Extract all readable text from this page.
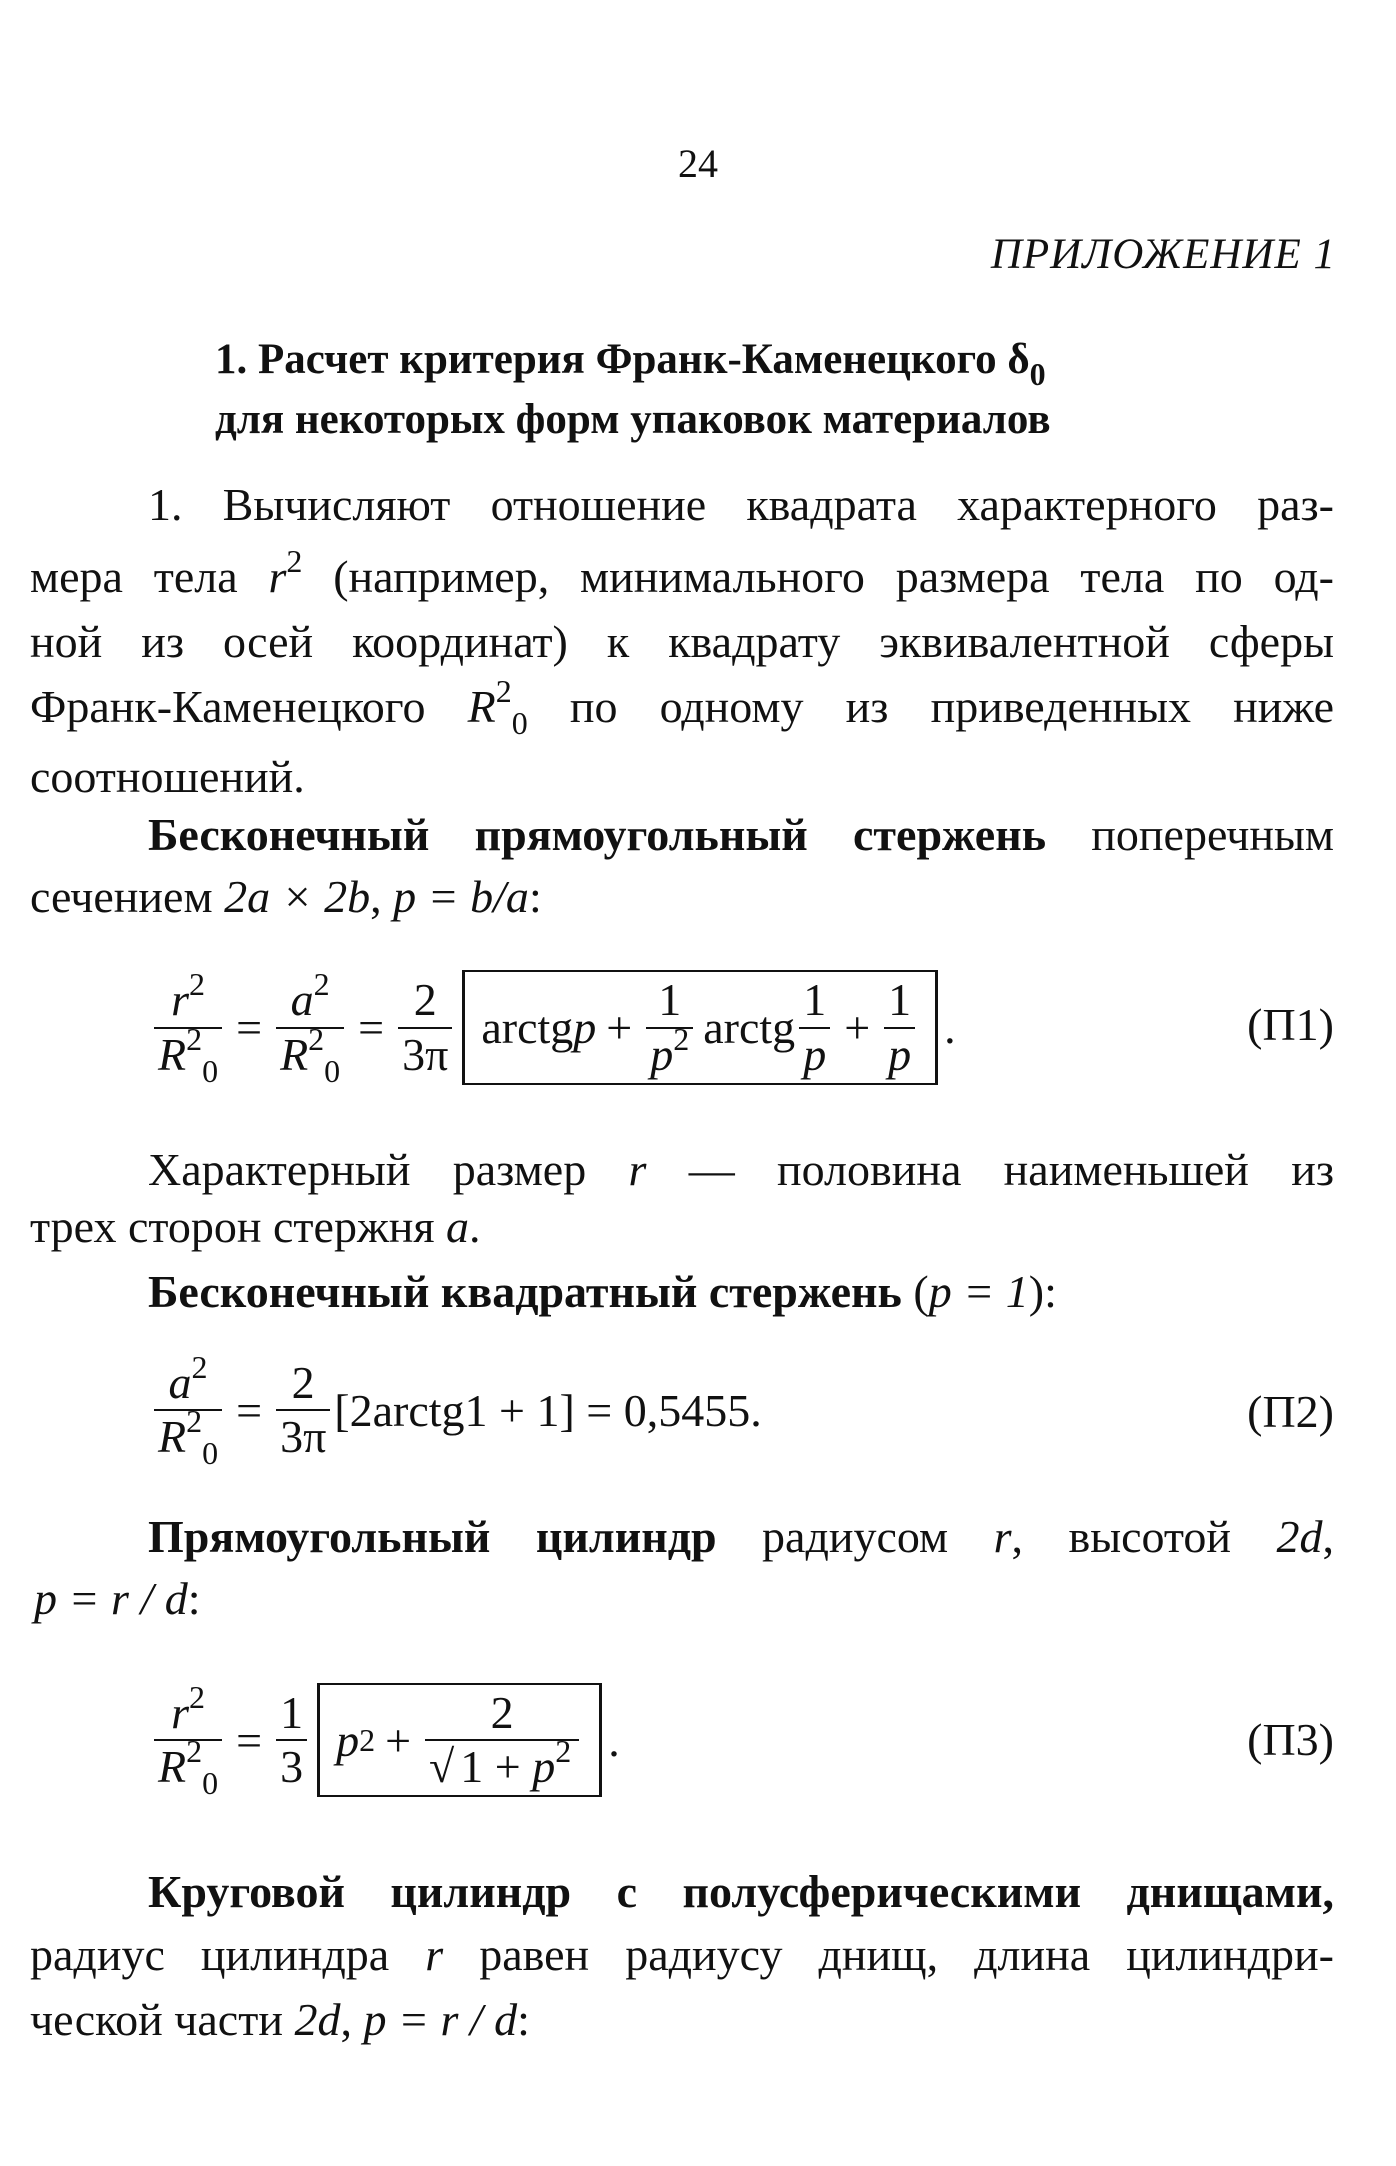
24
ПРИЛОЖЕНИЕ 1
1. Расчет критерия Франк-Каменецкого $\delta_0$
для некоторых форм упаковок материалов
1. Вычисляют отношение квадрата характерного раз-
мера тела $r^2$ (например, минимального размера тела по од-
ной из осей координат) к квадрату эквивалентной сферы
Франк-Каменецкого $R^2_0$ по одному из приведенных ниже
соотношений.
Бесконечный прямоугольный стержень поперечным
сечением 2a × 2b, p = b/a:
$\frac{r^2}{R^2_0} = \frac{a^2}{R^2_0} = \frac{2}{3\pi}$ arctg $p + \frac{1}{p^2}$ arctg $\frac{1}{p} + \frac{1}{p}$ .	(П1)
Характерный размер r — половина наименьшей из
трех сторон стержня a.
Бесконечный квадратный стержень (p = 1):
$\frac{a^2}{R^2_0} = \frac{2}{3\pi}$ [2arctg1 + 1] = 0,5455.	(П2)
Прямоугольный цилиндр радиусом r, высотой 2d,
p = r / d:
$\frac{r^2}{R^2_0} = \frac{1}{3}$ p $2 + \frac{2}{√ 1 + p^2}$ .	(П3)
Круговой цилиндр с полусферическими днищами,
радиус цилиндра r равен радиусу днищ, длина цилиндри-
ческой части 2d, p = r / d:
